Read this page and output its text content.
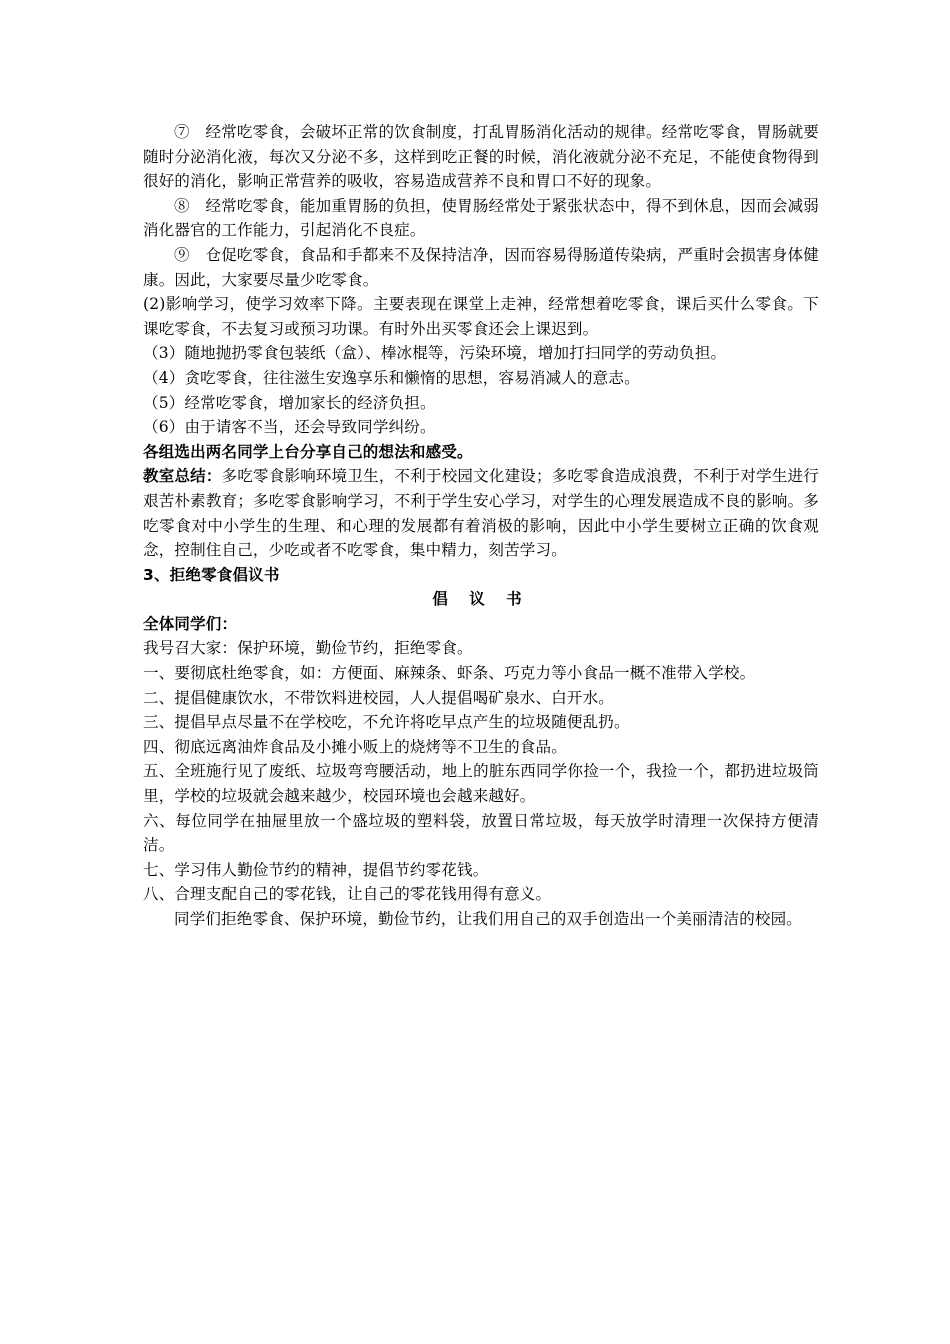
⑦　经常吃零食，会破坏正常的饮食制度，打乱胃肠消化活动的规律。经常吃零食，胃肠就要随时分泌消化液，每次又分泌不多，这样到吃正餐的时候，消化液就分泌不充足，不能使食物得到很好的消化，影响正常营养的吸收，容易造成营养不良和胃口不好的现象。
⑧　经常吃零食，能加重胃肠的负担，使胃肠经常处于紧张状态中，得不到休息，因而会减弱消化器官的工作能力，引起消化不良症。
⑨　仓促吃零食，食品和手都来不及保持洁净，因而容易得肠道传染病，严重时会损害身体健康。因此，大家要尽量少吃零食。
(2)影响学习，使学习效率下降。主要表现在课堂上走神，经常想着吃零食，课后买什么零食。下课吃零食，不去复习或预习功课。有时外出买零食还会上课迟到。
（3）随地抛扔零食包装纸（盒）、棒冰棍等，污染环境，增加打扫同学的劳动负担。
（4）贪吃零食，往往滋生安逸享乐和懒惰的思想，容易消减人的意志。
（5）经常吃零食，增加家长的经济负担。
（6）由于请客不当，还会导致同学纠纷。
各组选出两名同学上台分享自己的想法和感受。
教室总结：多吃零食影响环境卫生，不利于校园文化建设；多吃零食造成浪费，不利于对学生进行艰苦朴素教育；多吃零食影响学习，不利于学生安心学习，对学生的心理发展造成不良的影响。多吃零食对中小学生的生理、和心理的发展都有着消极的影响，因此中小学生要树立正确的饮食观念，控制住自己，少吃或者不吃零食，集中精力，刻苦学习。
3、拒绝零食倡议书
倡 议 书
全体同学们：
我号召大家：保护环境，勤俭节约，拒绝零食。
一、要彻底杜绝零食，如：方便面、麻辣条、虾条、巧克力等小食品一概不准带入学校。
二、提倡健康饮水，不带饮料进校园，人人提倡喝矿泉水、白开水。
三、提倡早点尽量不在学校吃，不允许将吃早点产生的垃圾随便乱扔。
四、彻底远离油炸食品及小摊小贩上的烧烤等不卫生的食品。
五、全班施行见了废纸、垃圾弯弯腰活动，地上的脏东西同学你捡一个，我捡一个，都扔进垃圾筒里，学校的垃圾就会越来越少，校园环境也会越来越好。
六、每位同学在抽屉里放一个盛垃圾的塑料袋，放置日常垃圾，每天放学时清理一次保持方便清洁。
七、学习伟人勤俭节约的精神，提倡节约零花钱。
八、合理支配自己的零花钱，让自己的零花钱用得有意义。
同学们拒绝零食、保护环境，勤俭节约，让我们用自己的双手创造出一个美丽清洁的校园。
